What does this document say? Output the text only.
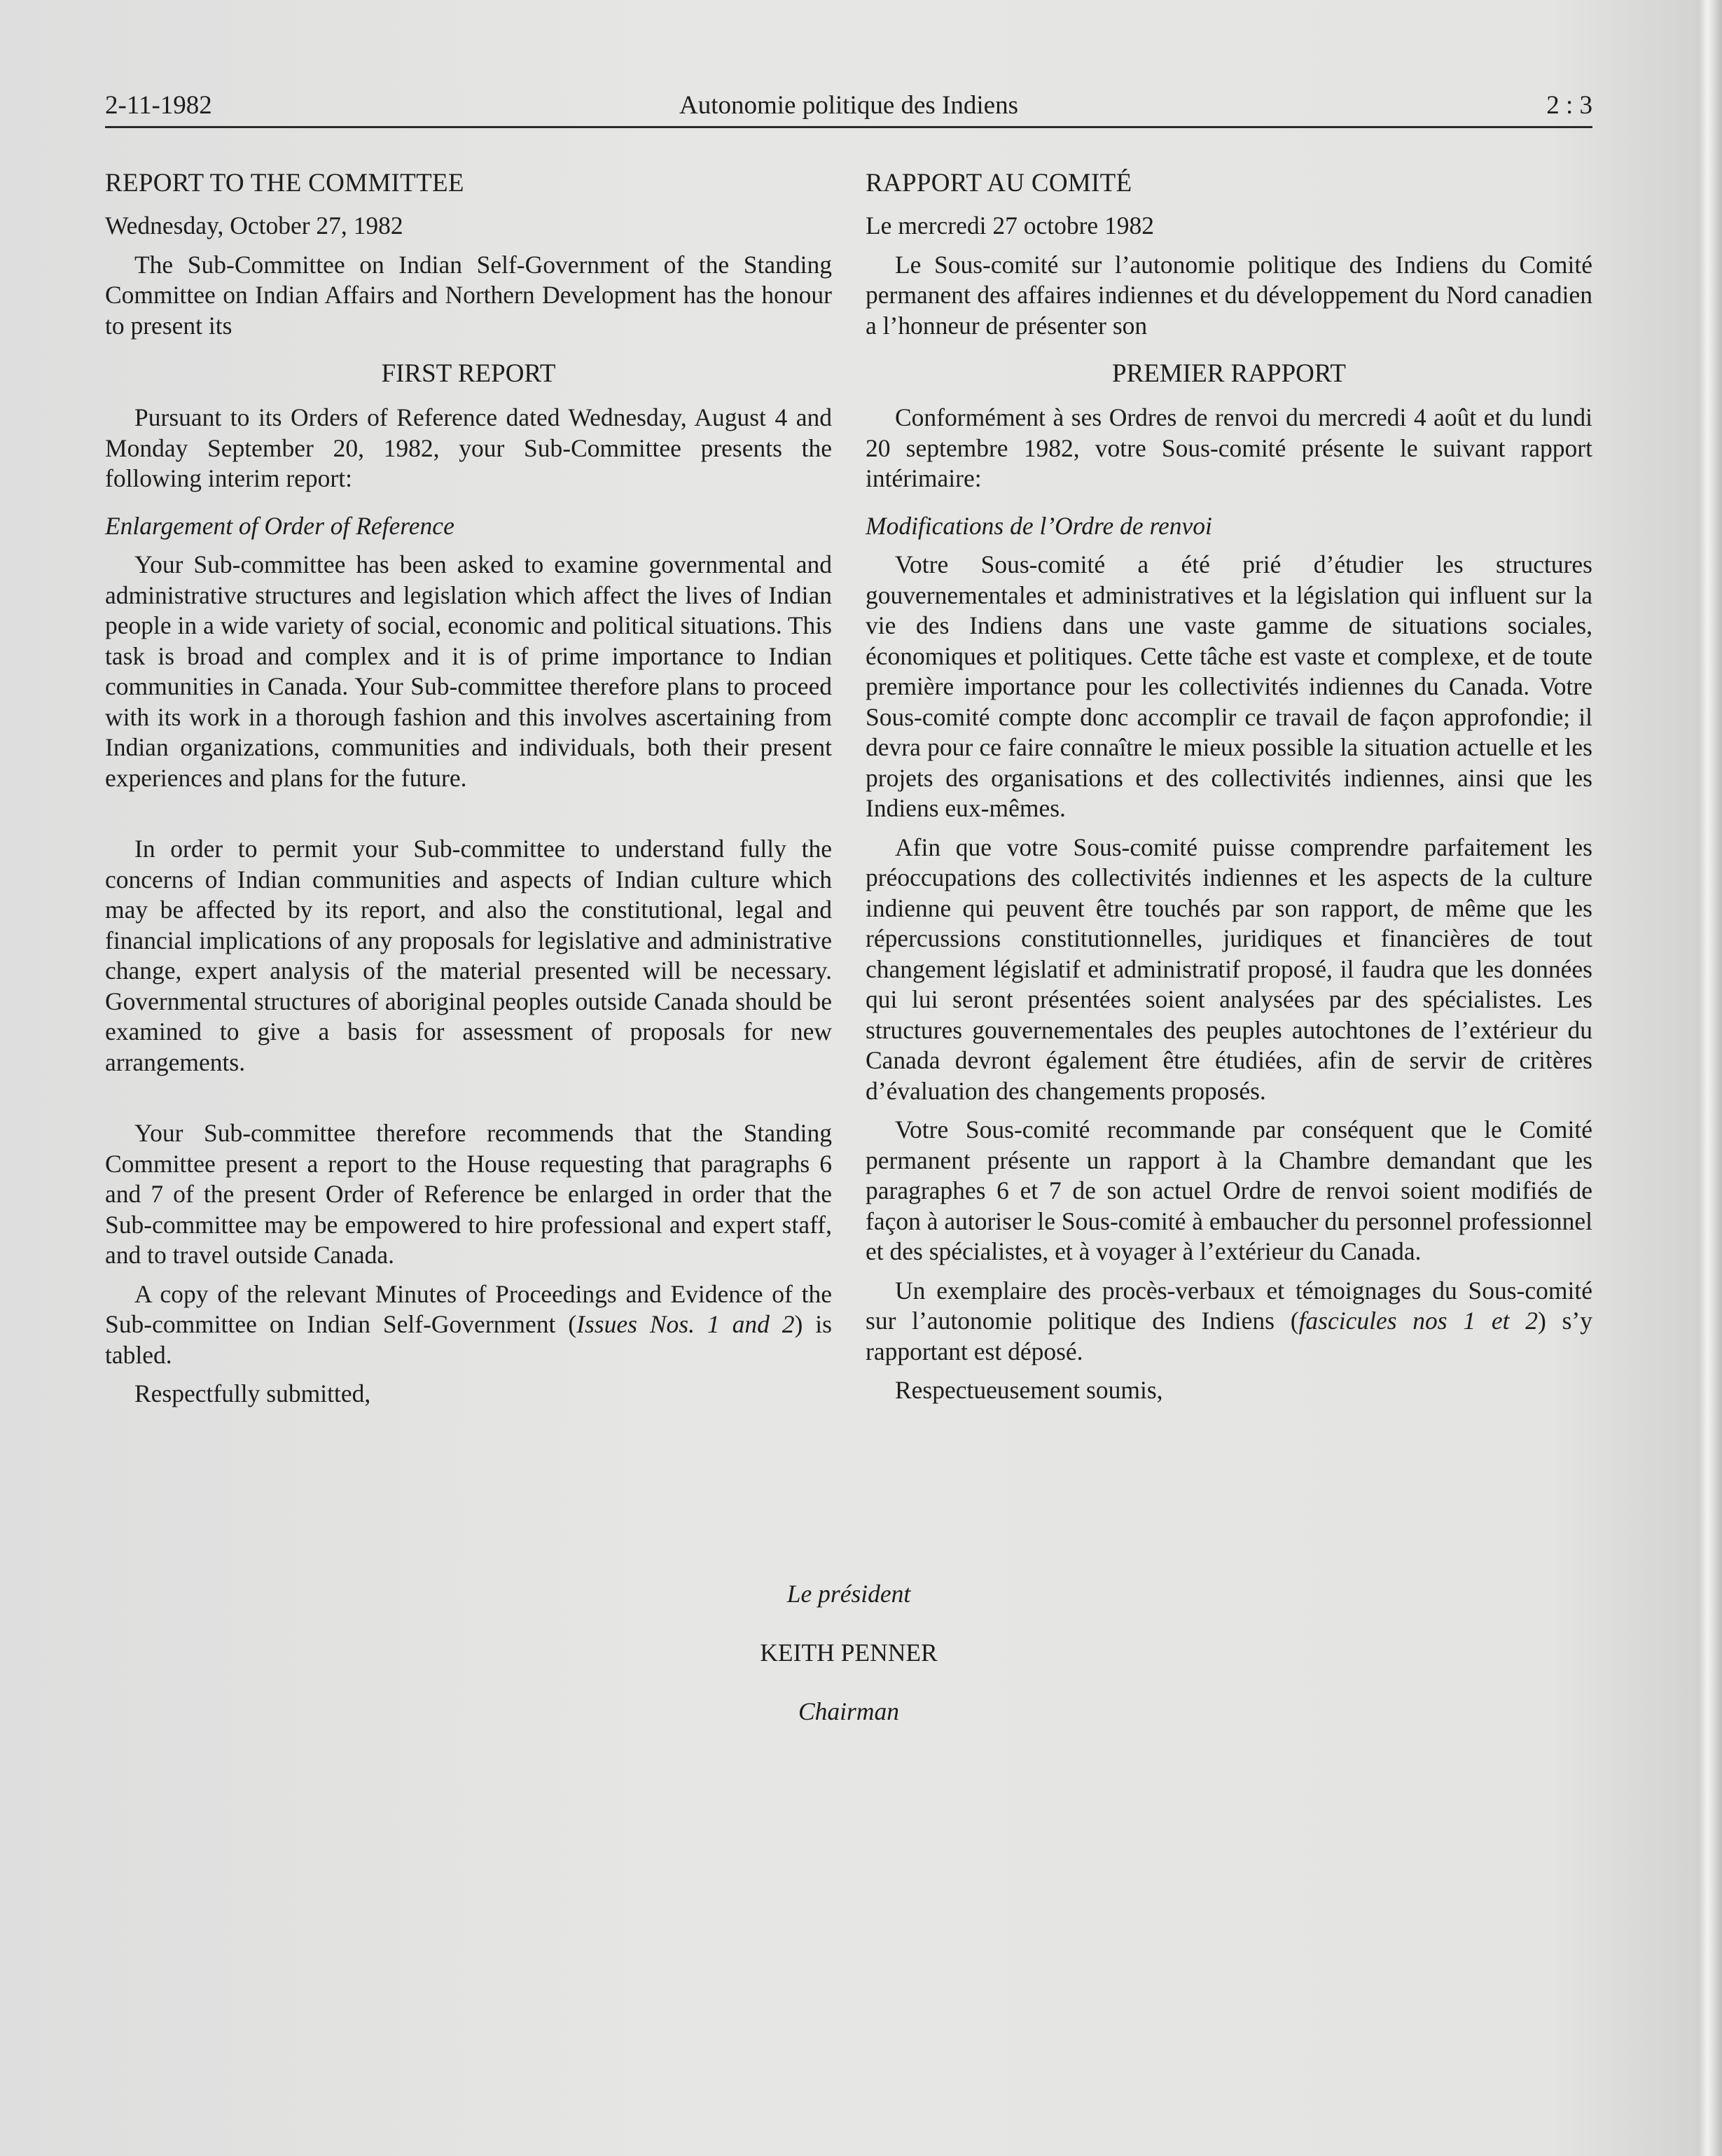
2-11-1982	Autonomie politique des Indiens	2 : 3
REPORT TO THE COMMITTEE

Wednesday, October 27, 1982

The Sub-Committee on Indian Self-Government of the Standing Committee on Indian Affairs and Northern Development has the honour to present its

FIRST REPORT

Pursuant to its Orders of Reference dated Wednesday, August 4 and Monday September 20, 1982, your Sub-Committee presents the following interim report:

Enlargement of Order of Reference

Your Sub-committee has been asked to examine governmental and administrative structures and legislation which affect the lives of Indian people in a wide variety of social, economic and political situations. This task is broad and complex and it is of prime importance to Indian communities in Canada. Your Sub-committee therefore plans to proceed with its work in a thorough fashion and this involves ascertaining from Indian organizations, communities and individuals, both their present experiences and plans for the future.

In order to permit your Sub-committee to understand fully the concerns of Indian communities and aspects of Indian culture which may be affected by its report, and also the constitutional, legal and financial implications of any proposals for legislative and administrative change, expert analysis of the material presented will be necessary. Governmental structures of aboriginal peoples outside Canada should be examined to give a basis for assessment of proposals for new arrangements.

Your Sub-committee therefore recommends that the Standing Committee present a report to the House requesting that paragraphs 6 and 7 of the present Order of Reference be enlarged in order that the Sub-committee may be empowered to hire professional and expert staff, and to travel outside Canada.

A copy of the relevant Minutes of Proceedings and Evidence of the Sub-committee on Indian Self-Government (Issues Nos. 1 and 2) is tabled.

Respectfully submitted,

RAPPORT AU COMITÉ

Le mercredi 27 octobre 1982

Le Sous-comité sur l’autonomie politique des Indiens du Comité permanent des affaires indiennes et du développement du Nord canadien a l’honneur de présenter son

PREMIER RAPPORT

Conformément à ses Ordres de renvoi du mercredi 4 août et du lundi 20 septembre 1982, votre Sous-comité présente le suivant rapport intérimaire:

Modifications de l’Ordre de renvoi

Votre Sous-comité a été prié d’étudier les structures gouvernementales et administratives et la législation qui influent sur la vie des Indiens dans une vaste gamme de situations sociales, économiques et politiques. Cette tâche est vaste et complexe, et de toute première importance pour les collectivités indiennes du Canada. Votre Sous-comité compte donc accomplir ce travail de façon approfondie; il devra pour ce faire connaître le mieux possible la situation actuelle et les projets des organisations et des collectivités indiennes, ainsi que les Indiens eux-mêmes.

Afin que votre Sous-comité puisse comprendre parfaitement les préoccupations des collectivités indiennes et les aspects de la culture indienne qui peuvent être touchés par son rapport, de même que les répercussions constitutionnelles, juridiques et financières de tout changement législatif et administratif proposé, il faudra que les données qui lui seront présentées soient analysées par des spécialistes. Les structures gouvernementales des peuples autochtones de l’extérieur du Canada devront également être étudiées, afin de servir de critères d’évaluation des changements proposés.

Votre Sous-comité recommande par conséquent que le Comité permanent présente un rapport à la Chambre demandant que les paragraphes 6 et 7 de son actuel Ordre de renvoi soient modifiés de façon à autoriser le Sous-comité à embaucher du personnel professionnel et des spécialistes, et à voyager à l’extérieur du Canada.

Un exemplaire des procès-verbaux et témoignages du Sous-comité sur l’autonomie politique des Indiens (fascicules nos 1 et 2) s’y rapportant est déposé.

Respectueusement soumis,

Le président
KEITH PENNER
Chairman
